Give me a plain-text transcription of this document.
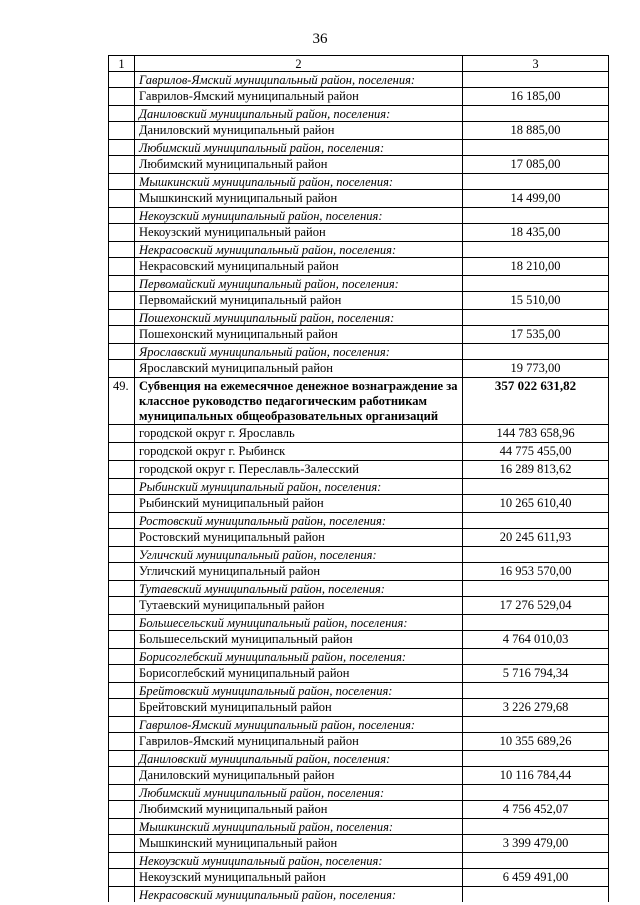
36
1	2	3
	Гаврилов-Ямский муниципальный район, поселения:	
	Гаврилов-Ямский муниципальный район	16 185,00
	Даниловский муниципальный район, поселения:	
	Даниловский муниципальный район	18 885,00
	Любимский муниципальный район, поселения:	
	Любимский муниципальный район	17 085,00
	Мышкинский муниципальный район, поселения:	
	Мышкинский муниципальный район	14 499,00
	Некоузский муниципальный район, поселения:	
	Некоузский муниципальный район	18 435,00
	Некрасовский муниципальный район, поселения:	
	Некрасовский муниципальный район	18 210,00
	Первомайский муниципальный район, поселения:	
	Первомайский муниципальный район	15 510,00
	Пошехонский муниципальный район, поселения:	
	Пошехонский муниципальный район	17 535,00
	Ярославский муниципальный район, поселения:	
	Ярославский муниципальный район	19 773,00
49.	Субвенция на ежемесячное денежное вознаграждение за классное руководство педагогическим работникам муниципальных общеобразовательных организаций	357 022 631,82
	городской округ г. Ярославль	144 783 658,96
	городской округ г. Рыбинск	44 775 455,00
	городской округ г. Переславль-Залесский	16 289 813,62
	Рыбинский муниципальный район, поселения:	
	Рыбинский муниципальный район	10 265 610,40
	Ростовский муниципальный район, поселения:	
	Ростовский муниципальный район	20 245 611,93
	Угличский муниципальный район, поселения:	
	Угличский муниципальный район	16 953 570,00
	Тутаевский муниципальный район, поселения:	
	Тутаевский муниципальный район	17 276 529,04
	Большесельский муниципальный район, поселения:	
	Большесельский муниципальный район	4 764 010,03
	Борисоглебский муниципальный район, поселения:	
	Борисоглебский муниципальный район	5 716 794,34
	Брейтовский муниципальный район, поселения:	
	Брейтовский муниципальный район	3 226 279,68
	Гаврилов-Ямский муниципальный район, поселения:	
	Гаврилов-Ямский муниципальный район	10 355 689,26
	Даниловский муниципальный район, поселения:	
	Даниловский муниципальный район	10 116 784,44
	Любимский муниципальный район, поселения:	
	Любимский муниципальный район	4 756 452,07
	Мышкинский муниципальный район, поселения:	
	Мышкинский муниципальный район	3 399 479,00
	Некоузский муниципальный район, поселения:	
	Некоузский муниципальный район	6 459 491,00
	Некрасовский муниципальный район, поселения:	
